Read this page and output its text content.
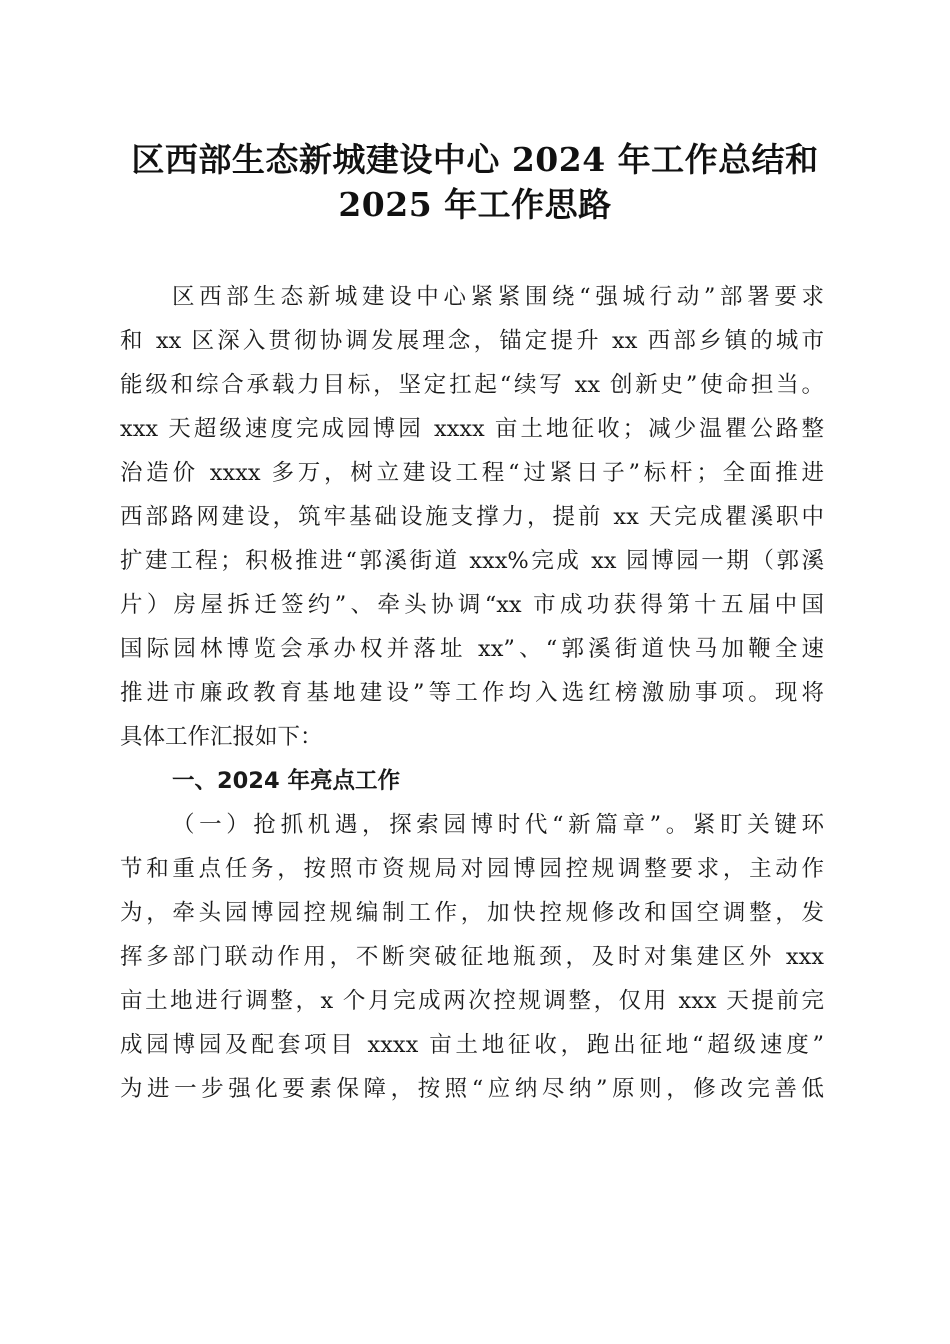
区西部生态新城建设中心 2024 年工作总结和
2025 年工作思路
区西部生态新城建设中心紧紧围绕“强城行动”部署要求
和 xx 区深入贯彻协调发展理念，锚定提升 xx 西部乡镇的城市
能级和综合承载力目标，坚定扛起“续写 xx 创新史”使命担当。
xxx 天超级速度完成园博园 xxxx 亩土地征收；减少温瞿公路整
治造价 xxxx 多万，树立建设工程“过紧日子”标杆；全面推进
西部路网建设，筑牢基础设施支撑力，提前 xx 天完成瞿溪职中
扩建工程；积极推进“郭溪街道 xxx%完成 xx 园博园一期（郭溪
片）房屋拆迁签约”、牵头协调“xx 市成功获得第十五届中国
国际园林博览会承办权并落址 xx”、“郭溪街道快马加鞭全速
推进市廉政教育基地建设”等工作均入选红榜激励事项。现将
具体工作汇报如下：
一、2024 年亮点工作
（一）抢抓机遇，探索园博时代“新篇章”。紧盯关键环
节和重点任务，按照市资规局对园博园控规调整要求，主动作
为，牵头园博园控规编制工作，加快控规修改和国空调整，发
挥多部门联动作用，不断突破征地瓶颈，及时对集建区外 xxx
亩土地进行调整，x 个月完成两次控规调整，仅用 xxx 天提前完
成园博园及配套项目 xxxx 亩土地征收，跑出征地“超级速度”
为进一步强化要素保障，按照“应纳尽纳”原则，修改完善低
